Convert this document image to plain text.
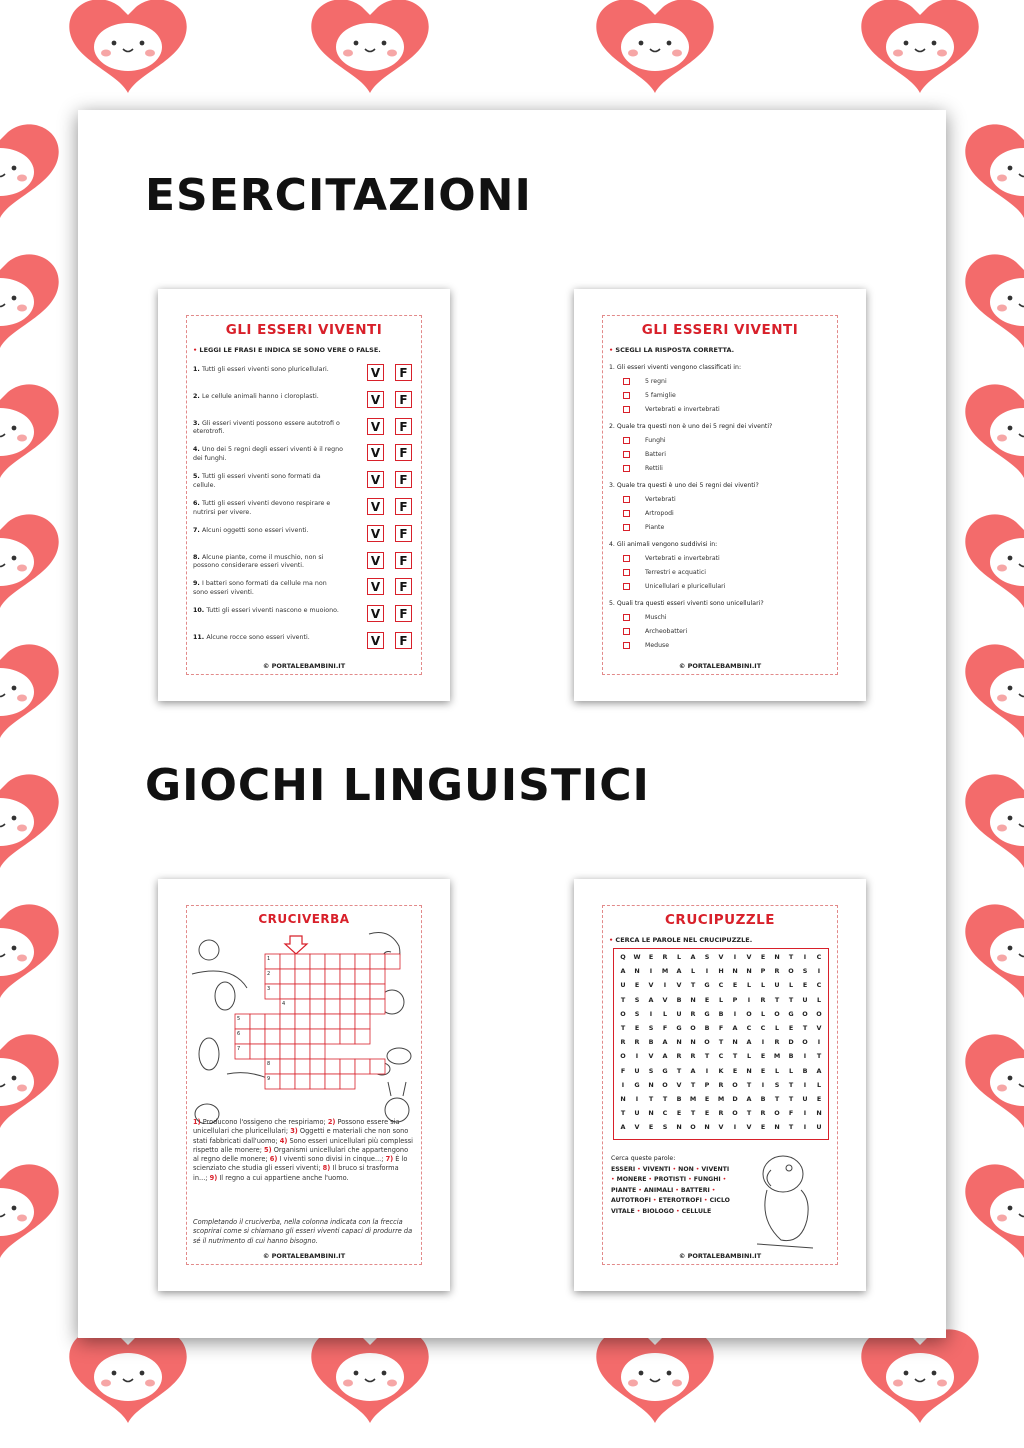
ESERCITAZIONI
GIOCHI LINGUISTICI
GLI ESSERI VIVENTI
• LEGGI LE FRASI E INDICA SE SONO VERE O FALSE.
1. Tutti gli esseri viventi sono pluricellulari.	V	F
2. Le cellule animali hanno i cloroplasti.	V	F
3. Gli esseri viventi possono essere autotrofi o eterotrofi.	V	F
4. Uno dei 5 regni degli esseri viventi è il regno dei funghi.	V	F
5. Tutti gli esseri viventi sono formati da cellule.	V	F
6. Tutti gli esseri viventi devono respirare e nutrirsi per vivere.	V	F
7. Alcuni oggetti sono esseri viventi.	V	F
8. Alcune piante, come il muschio, non si possono considerare esseri viventi.	V	F
9. I batteri sono formati da cellule ma non sono esseri viventi.	V	F
10. Tutti gli esseri viventi nascono e muoiono.	V	F
11. Alcune rocce sono esseri viventi.	V	F
© PORTALEBAMBINI.IT
GLI ESSERI VIVENTI
• SCEGLI LA RISPOSTA CORRETTA.
1. Gli esseri viventi vengono classificati in:
5 regni
5 famiglie
Vertebrati e invertebrati
2. Quale tra questi non è uno dei 5 regni dei viventi?
Funghi
Batteri
Rettili
3. Quale tra questi è uno dei 5 regni dei viventi?
Vertebrati
Artropodi
Piante
4. Gli animali vengono suddivisi in:
Vertebrati e invertebrati
Terrestri e acquatici
Unicellulari e pluricellulari
5. Quali tra questi esseri viventi sono unicellulari?
Muschi
Archeobatteri
Meduse
© PORTALEBAMBINI.IT
CRUCIVERBA
1
2
3
4
5
6
7
8
9
1) Producono l'ossigeno che respiriamo; 2) Possono essere sia unicellulari che pluricellulari; 3) Oggetti e materiali che non sono stati fabbricati dall'uomo; 4) Sono esseri unicellulari più complessi rispetto alle monere; 5) Organismi unicellulari che appartengono al regno delle monere; 6) I viventi sono divisi in cinque...; 7) È lo scienziato che studia gli esseri viventi; 8) Il bruco si trasforma in...; 9) Il regno a cui appartiene anche l'uomo.
Completando il cruciverba, nella colonna indicata con la freccia scoprirai come si chiamano gli esseri viventi capaci di produrre da sé il nutrimento di cui hanno bisogno.
© PORTALEBAMBINI.IT
CRUCIPUZZLE
• CERCA LE PAROLE NEL CRUCIPUZZLE.
Q	W	E	R	L	A	S	V	I	V	E	N	T	I	C
A	N	I	M	A	L	I	H	N	N	P	R	O	S	I
U	E	V	I	V	T	G	C	E	L	L	U	L	E	C
T	S	A	V	B	N	E	L	P	I	R	T	T	U	L
O	S	I	L	U	R	G	B	I	O	L	O	G	O	O
T	E	S	F	G	O	B	F	A	C	C	L	E	T	V
R	R	B	A	N	N	O	T	N	A	I	R	D	O	I
O	I	V	A	R	R	T	C	T	L	E	M	B	I	T
F	U	S	G	T	A	I	K	E	N	E	L	L	B	A
I	G	N	O	V	T	P	R	O	T	I	S	T	I	L
N	I	T	T	B	M	E	M	D	A	B	T	T	U	E
T	U	N	C	E	T	E	R	O	T	R	O	F	I	N
A	V	E	S	N	O	N	V	I	V	E	N	T	I	U
Cerca queste parole:
ESSERI • VIVENTI • NON • VIVENTI • MONERE • PROTISTI • FUNGHI • PIANTE • ANIMALI • BATTERI • AUTOTROFI • ETEROTROFI • CICLO VITALE • BIOLOGO • CELLULE
© PORTALEBAMBINI.IT
